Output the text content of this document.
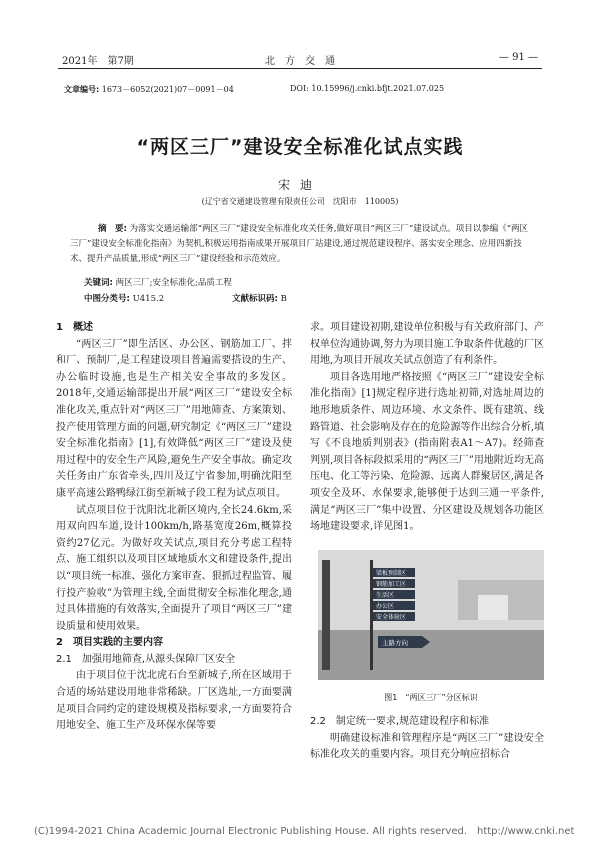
2021年　第7期	北　方　交　通	— 91 —
文章编号: 1673－6052(2021)07－0091－04	DOI: 10.15996/j.cnki.bfjt.2021.07.025
“两区三厂”建设安全标准化试点实践
宋迪
(辽宁省交通建设管理有限责任公司　沈阳市　110005)
摘　要: 为落实交通运输部“两区三厂”建设安全标准化攻关任务,做好项目“两区三厂”建设试点。项目以参编《“两区三厂”建设安全标准化指南》为契机,积极运用指南成果开展项目厂站建设,通过规范建设程序、落实安全理念、应用四新技术、提升产品质量,形成“两区三厂”建设经验和示范效应。
关键词: 两区三厂;安全标准化;品质工程
中图分类号: U415.2	文献标识码: B
1　概述

“两区三厂”即生活区、办公区、钢筋加工厂、拌和厂、预制厂,是工程建设项目普遍需要搭设的生产、办公临时设施,也是生产相关安全事故的多发区。2018年,交通运输部提出开展“两区三厂”建设安全标准化攻关,重点针对“两区三厂”用地筛查、方案策划、投产使用管理方面的问题,研究制定《“两区三厂”建设安全标准化指南》[1],有效降低“两区三厂”建设及使用过程中的安全生产风险,避免生产安全事故。确定攻关任务由广东省牵头,四川及辽宁省参加,明确沈阳至康平高速公路鸭绿江街至新城子段工程为试点项目。

试点项目位于沈阳沈北新区境内,全长24.6km,采用双向四车道,设计100km/h,路基宽度26m,概算投资约27亿元。为做好攻关试点,项目充分考虑工程特点、施工组织以及项目区域地质水文和建设条件,提出以“项目统一标准、强化方案审查、狠抓过程监管、履行投产验收”为管理主线,全面贯彻安全标准化理念,通过具体措施的有效落实,全面提升了项目“两区三厂”建设质量和使用效果。

2　项目实践的主要内容
2.1　加强用地筛查,从源头保障厂区安全

由于项目位于沈北虎石台至新城子,所在区域用于合适的场站建设用地非常稀缺。厂区选址,一方面要满足项目合同约定的建设规模及指标要求,一方面要符合用地安全、施工生产及环保水保等要

求。项目建设初期,建设单位积极与有关政府部门、产权单位沟通协调,努力为项目施工争取条件优越的厂区用地,为项目开展攻关试点创造了有利条件。

项目各选用地严格按照《“两区三厂”建设安全标准化指南》[1]规定程序进行选址初筛,对选址周边的地形地质条件、周边环境、水文条件、既有建筑、线路管道、社会影响及存在的危险源等作出综合分析,填写《不良地质判别表》(指南附表A1～A7)。经筛查判别,项目各标段拟采用的“两区三厂”用地附近均无高压电、化工等污染、危险源、远离人群聚居区,满足各项安全及环、水保要求,能够便于达到三通一平条件,满足“两区三厂”集中设置、分区建设及规划各功能区场地建设要求,详见图1。

梁板预制区
钢筋加工区
生活区
办公区
安全体验区
主路方向
图1　“两区三厂”分区标识
2.2　制定统一要求,规范建设程序和标准

明确建设标准和管理程序是“两区三厂”建设安全标准化攻关的重要内容。项目充分响应招标合

(C)1994-2021 China Academic Journal Electronic Publishing House. All rights reserved.　http://www.cnki.net
